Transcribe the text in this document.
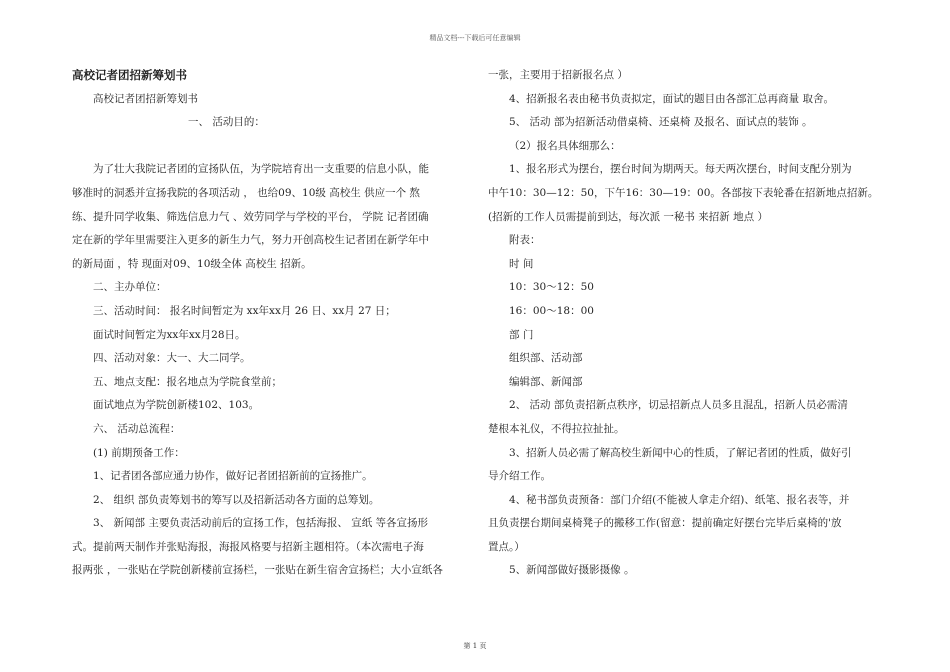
精品文档---下载后可任意编辑
高校记者团招新筹划书
高校记者团招新筹划书
一、 活动目的：
为了壮大我院记者团的宣扬队伍，为学院培育出一支重要的信息小队，能
够准时的洞悉并宣扬我院的各项活动 ， 也给09、10级 高校生 供应一个 熬
练、提升同学收集、筛选信息力气 、效劳同学与学校的平台， 学院 记者团确
定在新的学年里需要注入更多的新生力气，努力开创高校生记者团在新学年中
的新局面 ，特 现面对09、10级全体 高校生 招新。
二、主办单位：
三、活动时间： 报名时间暂定为 xx年xx月 26 日、xx月 27 日；
面试时间暂定为xx年xx月28日。
四、活动对象：大一、大二同学。
五、地点支配：报名地点为学院食堂前；
面试地点为学院创新楼102、103。
六、 活动总流程：
(1) 前期预备工作：
1、记者团各部应通力协作，做好记者团招新前的宣扬推广。
2、 组织 部负责筹划书的筹写以及招新活动各方面的总筹划。
3、 新闻部 主要负责活动前后的宣扬工作，包括海报、 宣纸 等各宣扬形
式。提前两天制作并张贴海报，海报风格要与招新主题相符。（本次需电子海
报两张 ，一张贴在学院创新楼前宣扬栏，一张贴在新生宿舍宣扬栏；大小宣纸各
一张，主要用于招新报名点 ）
4、招新报名表由秘书负责拟定，面试的题目由各部汇总再商量 取舍。
5、 活动 部为招新活动借桌椅、还桌椅 及报名、面试点的装饰 。
（2）报名具体细那么：
1、报名形式为摆台，摆台时间为期两天。每天两次摆台，时间支配分别为
中午10：30—12：50，下午16：30—19：00。各部按下表轮番在招新地点招新。
(招新的工作人员需提前到达，每次派 一秘书 来招新 地点 ）
附表：
时 间
10：30～12：50
16：00～18：00
部 门
组织部、活动部
编辑部、新闻部
2、 活动 部负责招新点秩序，切忌招新点人员多且混乱，招新人员必需清
楚根本礼仪，不得拉拉扯扯。
3、招新人员必需了解高校生新闻中心的性质，了解记者团的性质，做好引
导介绍工作。
4、秘书部负责预备：部门介绍(不能被人拿走介绍)、纸笔、报名表等，并
且负责摆台期间桌椅凳子的搬移工作(留意：提前确定好摆台完毕后桌椅的'放
置点。）
5、新闻部做好摄影摄像 。
第 1 页
